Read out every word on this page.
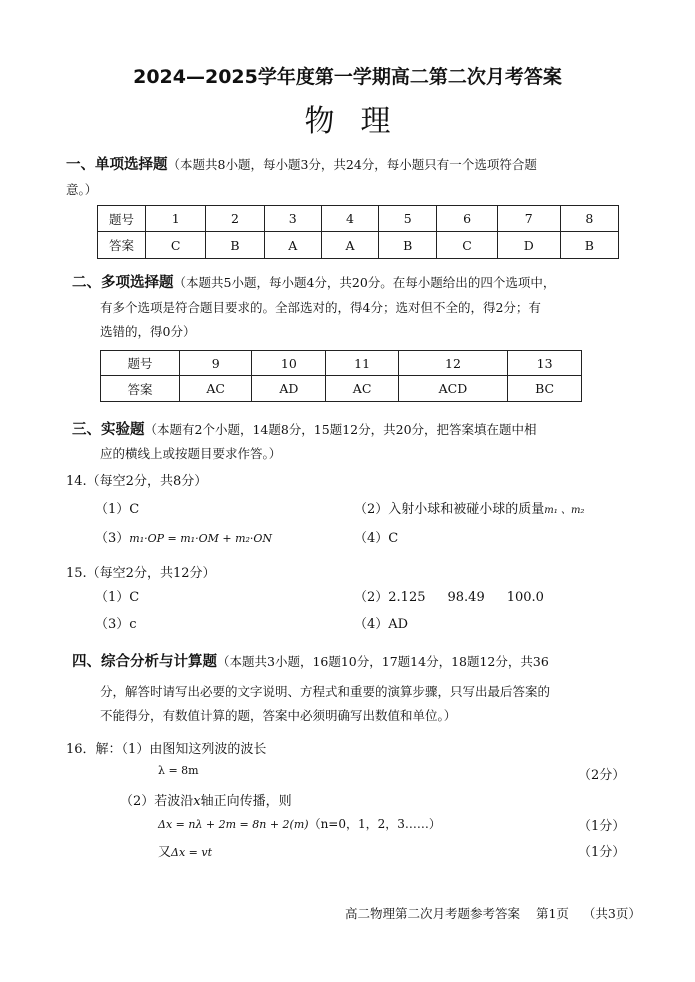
2024—2025学年度第一学期高二第二次月考答案
物理
一、单项选择题（本题共8小题，每小题3分，共24分，每小题只有一个选项符合题
意。）
题号	1	2	3	4	5	6	7	8
答案	C	B	A	A	B	C	D	B
二、多项选择题（本题共5小题，每小题4分，共20分。在每小题给出的四个选项中，
有多个选项是符合题目要求的。全部选对的，得4分；选对但不全的，得2分；有
选错的，得0分）
题号	9	10	11	12	13
答案	AC	AD	AC	ACD	BC
三、实验题（本题有2个小题，14题8分，15题12分，共20分，把答案填在题中相
应的横线上或按题目要求作答。）
14.（每空2分，共8分）
（1）C	（2）入射小球和被碰小球的质量m₁ 、m₂
（3）m₁·OP = m₁·OM + m₂·ON	（4）C
15.（每空2分，共12分）
（1）C	（2）2.125 98.49 100.0
（3）c	（4）AD
四、综合分析与计算题（本题共3小题，16题10分，17题14分，18题12分，共36
分，解答时请写出必要的文字说明、方程式和重要的演算步骤，只写出最后答案的
不能得分，有数值计算的题，答案中必须明确写出数值和单位。）
16．解：（1）由图知这列波的波长
λ = 8m	（2分）
（2）若波沿x轴正向传播，则
Δx = nλ + 2m = 8n + 2(m)（n=0，1，2，3……）	（1分）
又Δx = vt	（1分）
高二物理第二次月考题参考答案 第1页 （共3页）
